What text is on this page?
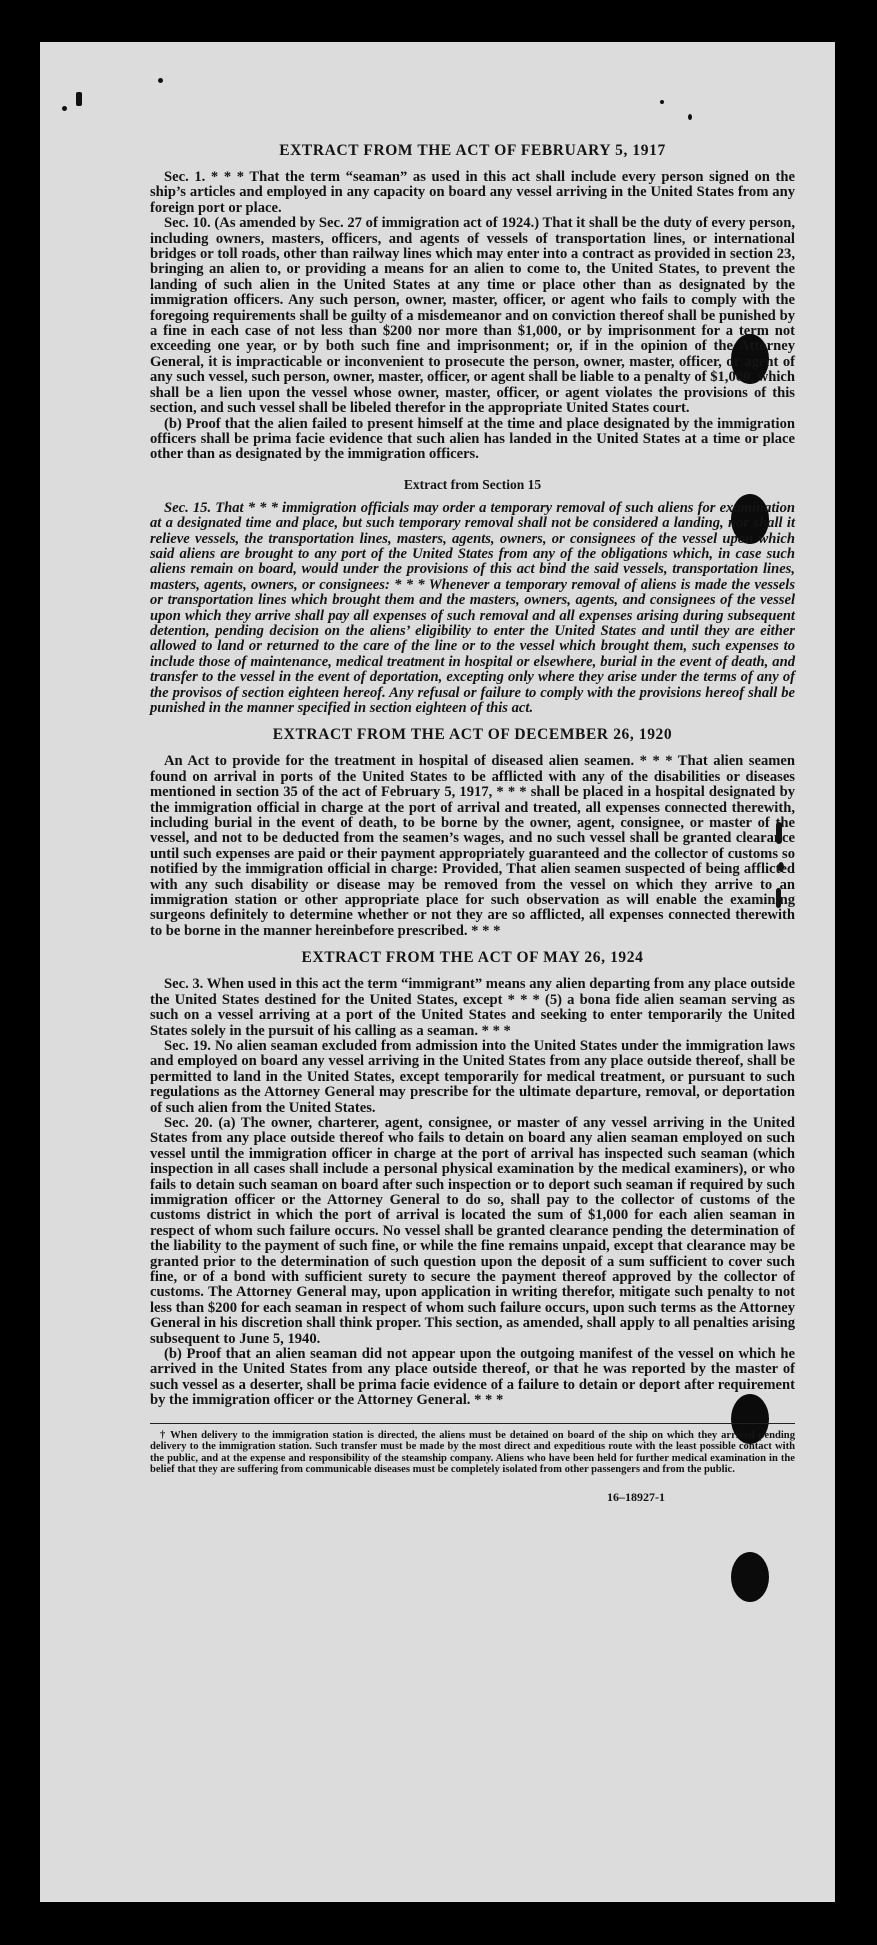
EXTRACT FROM THE ACT OF FEBRUARY 5, 1917

Sec. 1. * * * That the term “seaman” as used in this act shall include every person signed on the ship’s articles and employed in any capacity on board any vessel arriving in the United States from any foreign port or place.

Sec. 10. (As amended by Sec. 27 of immigration act of 1924.) That it shall be the duty of every person, including owners, masters, officers, and agents of vessels of transportation lines, or international bridges or toll roads, other than railway lines which may enter into a contract as provided in section 23, bringing an alien to, or providing a means for an alien to come to, the United States, to prevent the landing of such alien in the United States at any time or place other than as designated by the immigration officers. Any such person, owner, master, officer, or agent who fails to comply with the foregoing requirements shall be guilty of a misdemeanor and on conviction thereof shall be punished by a fine in each case of not less than $200 nor more than $1,000, or by imprisonment for a term not exceeding one year, or by both such fine and imprisonment; or, if in the opinion of the Attorney General, it is impracticable or inconvenient to prosecute the person, owner, master, officer, or agent of any such vessel, such person, owner, master, officer, or agent shall be liable to a penalty of $1,000, which shall be a lien upon the vessel whose owner, master, officer, or agent violates the provisions of this section, and such vessel shall be libeled therefor in the appropriate United States court.

(b) Proof that the alien failed to present himself at the time and place designated by the immigration officers shall be prima facie evidence that such alien has landed in the United States at a time or place other than as designated by the immigration officers.

Extract from Section 15

Sec. 15. That * * * immigration officials may order a temporary removal of such aliens for examination at a designated time and place, but such temporary removal shall not be considered a landing, nor shall it relieve vessels, the transportation lines, masters, agents, owners, or consignees of the vessel upon which said aliens are brought to any port of the United States from any of the obligations which, in case such aliens remain on board, would under the provisions of this act bind the said vessels, transportation lines, masters, agents, owners, or consignees: * * * Whenever a temporary removal of aliens is made the vessels or transportation lines which brought them and the masters, owners, agents, and consignees of the vessel upon which they arrive shall pay all expenses of such removal and all expenses arising during subsequent detention, pending decision on the aliens’ eligibility to enter the United States and until they are either allowed to land or returned to the care of the line or to the vessel which brought them, such expenses to include those of maintenance, medical treatment in hospital or elsewhere, burial in the event of death, and transfer to the vessel in the event of deportation, excepting only where they arise under the terms of any of the provisos of section eighteen hereof. Any refusal or failure to comply with the provisions hereof shall be punished in the manner specified in section eighteen of this act.

EXTRACT FROM THE ACT OF DECEMBER 26, 1920

An Act to provide for the treatment in hospital of diseased alien seamen. * * * That alien seamen found on arrival in ports of the United States to be afflicted with any of the disabilities or diseases mentioned in section 35 of the act of February 5, 1917, * * * shall be placed in a hospital designated by the immigration official in charge at the port of arrival and treated, all expenses connected therewith, including burial in the event of death, to be borne by the owner, agent, consignee, or master of the vessel, and not to be deducted from the seamen’s wages, and no such vessel shall be granted clearance until such expenses are paid or their payment appropriately guaranteed and the collector of customs so notified by the immigration official in charge: Provided, That alien seamen suspected of being afflicted with any such disability or disease may be removed from the vessel on which they arrive to an immigration station or other appropriate place for such observation as will enable the examining surgeons definitely to determine whether or not they are so afflicted, all expenses connected therewith to be borne in the manner hereinbefore prescribed. * * *

EXTRACT FROM THE ACT OF MAY 26, 1924

Sec. 3. When used in this act the term “immigrant” means any alien departing from any place outside the United States destined for the United States, except * * * (5) a bona fide alien seaman serving as such on a vessel arriving at a port of the United States and seeking to enter temporarily the United States solely in the pursuit of his calling as a seaman. * * *

Sec. 19. No alien seaman excluded from admission into the United States under the immigration laws and employed on board any vessel arriving in the United States from any place outside thereof, shall be permitted to land in the United States, except temporarily for medical treatment, or pursuant to such regulations as the Attorney General may prescribe for the ultimate departure, removal, or deportation of such alien from the United States.

Sec. 20. (a) The owner, charterer, agent, consignee, or master of any vessel arriving in the United States from any place outside thereof who fails to detain on board any alien seaman employed on such vessel until the immigration officer in charge at the port of arrival has inspected such seaman (which inspection in all cases shall include a personal physical examination by the medical examiners), or who fails to detain such seaman on board after such inspection or to deport such seaman if required by such immigration officer or the Attorney General to do so, shall pay to the collector of customs of the customs district in which the port of arrival is located the sum of $1,000 for each alien seaman in respect of whom such failure occurs. No vessel shall be granted clearance pending the determination of the liability to the payment of such fine, or while the fine remains unpaid, except that clearance may be granted prior to the determination of such question upon the deposit of a sum sufficient to cover such fine, or of a bond with sufficient surety to secure the payment thereof approved by the collector of customs. The Attorney General may, upon application in writing therefor, mitigate such penalty to not less than $200 for each seaman in respect of whom such failure occurs, upon such terms as the Attorney General in his discretion shall think proper. This section, as amended, shall apply to all penalties arising subsequent to June 5, 1940.

(b) Proof that an alien seaman did not appear upon the outgoing manifest of the vessel on which he arrived in the United States from any place outside thereof, or that he was reported by the master of such vessel as a deserter, shall be prima facie evidence of a failure to detain or deport after requirement by the immigration officer or the Attorney General. * * *

† When delivery to the immigration station is directed, the aliens must be detained on board of the ship on which they arrived pending delivery to the immigration station. Such transfer must be made by the most direct and expeditious route with the least possible contact with the public, and at the expense and responsibility of the steamship company. Aliens who have been held for further medical examination in the belief that they are suffering from communicable diseases must be completely isolated from other passengers and from the public.
16–18927-1
